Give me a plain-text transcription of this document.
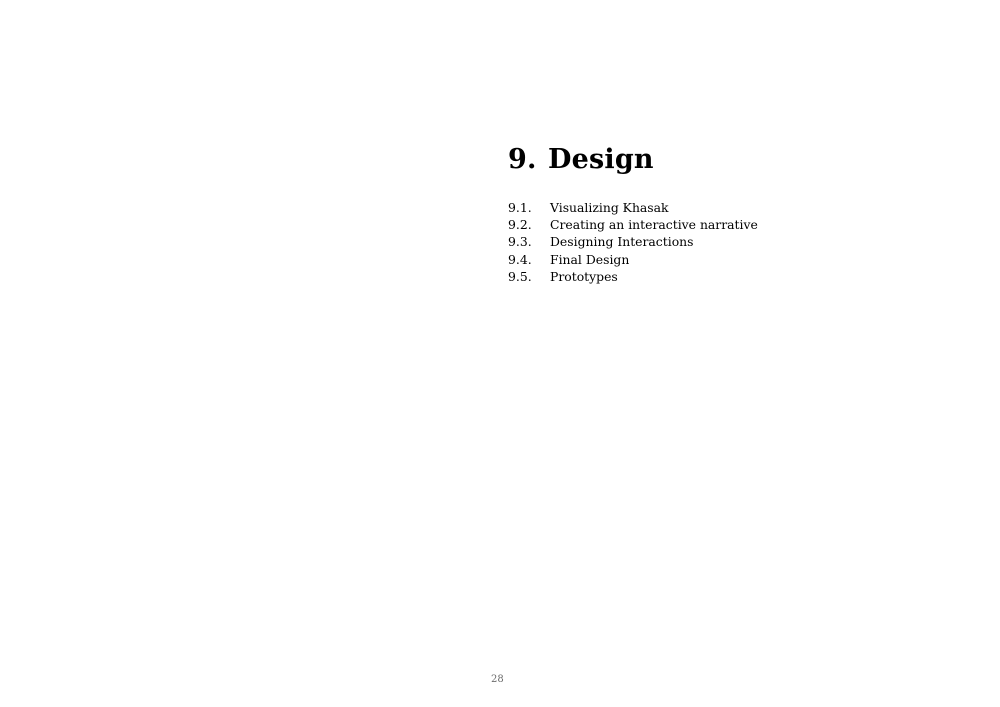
9. Design
9.1.	Visualizing Khasak
9.2.	Creating an interactive narrative
9.3.	Designing Interactions
9.4.	Final Design
9.5.	Prototypes
28
